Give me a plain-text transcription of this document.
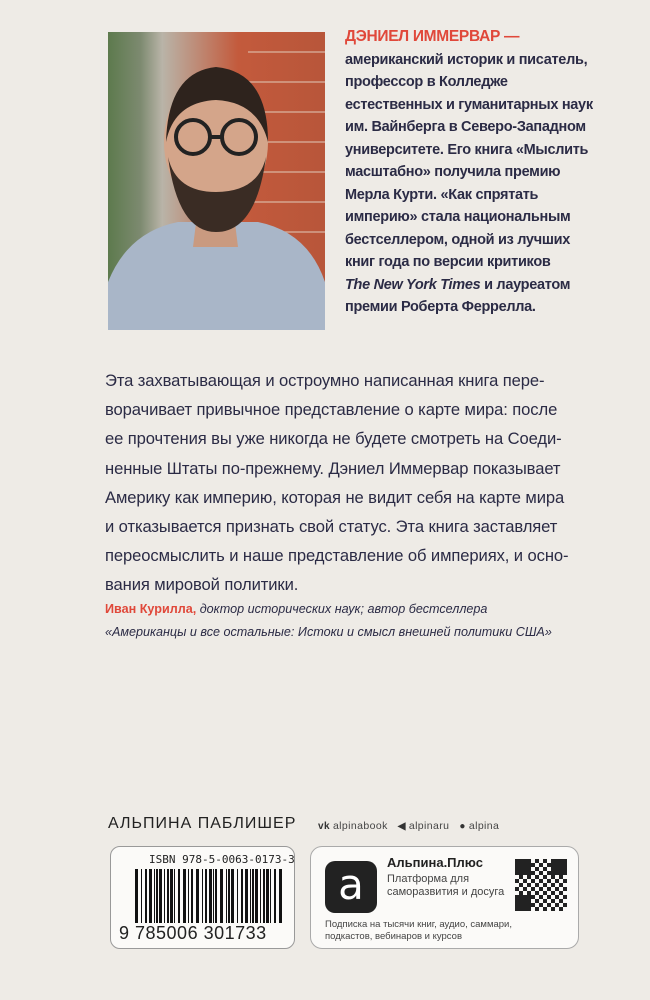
ДЭНИЕЛ ИММЕРВАР —
американский историк и писатель,
профессор в Колледже
естественных и гуманитарных наук
им. Вайнберга в Северо-Западном
университете. Его книга «Мыслить
масштабно» получила премию
Мерла Курти. «Как спрятать
империю» стала национальным
бестселлером, одной из лучших
книг года по версии критиков
The New York Times и лауреатом
премии Роберта Феррелла.
Эта захватывающая и остроумно написанная книга пере-
ворачивает привычное представление о карте мира: после
ее прочтения вы уже никогда не будете смотреть на Соеди-
ненные Штаты по-прежнему. Дэниел Иммервар показывает
Америку как империю, которая не видит себя на карте мира
и отказывается признать свой статус. Эта книга заставляет
переосмыслить и наше представление об империях, и осно-
вания мировой политики.
Иван Курилла, доктор исторических наук; автор бестселлера
«Американцы и все остальные: Истоки и смысл внешней политики США»
АЛЬПИНА ПАБЛИШЕР vk alpinabook ◀ alpinaru ● alpina
ISBN 978-5-0063-0173-3
9 785006 301733
a	Альпина.Плюс
Платформа для саморазвития и досуга
Подписка на тысячи книг, аудио, саммари,
подкастов, вебинаров и курсов
